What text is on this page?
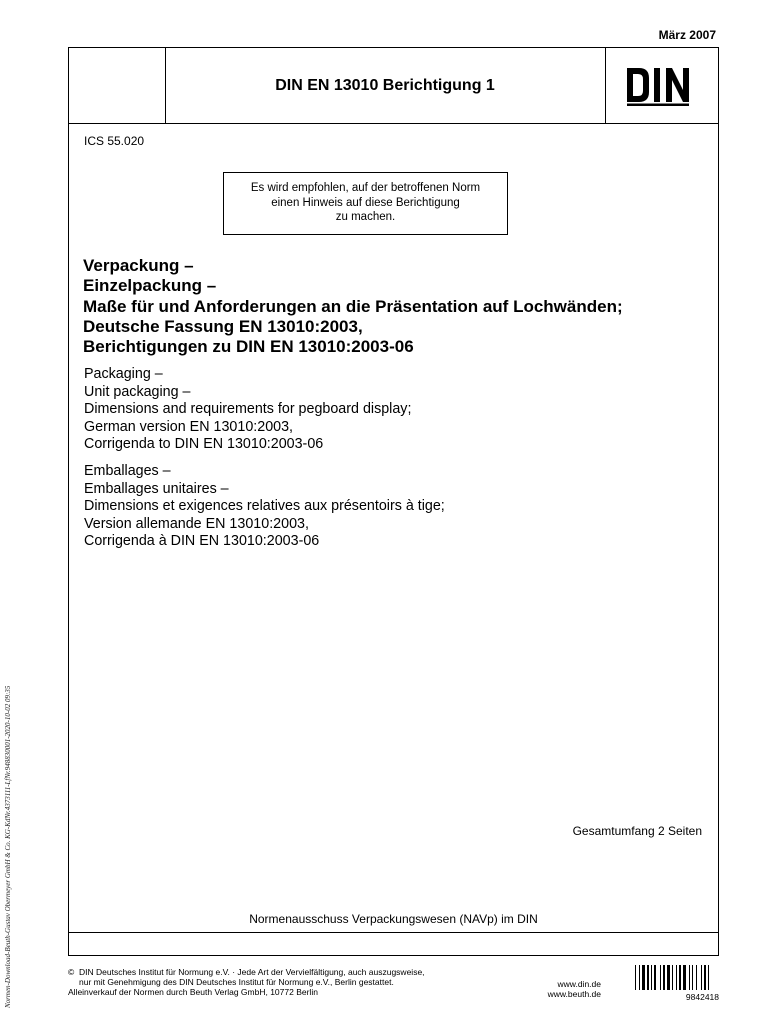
März 2007
DIN EN 13010 Berichtigung 1
ICS 55.020
Es wird empfohlen, auf der betroffenen Norm
einen Hinweis auf diese Berichtigung
zu machen.
Verpackung –
Einzelpackung –
Maße für und Anforderungen an die Präsentation auf Lochwänden;
Deutsche Fassung EN 13010:2003,
Berichtigungen zu DIN EN 13010:2003-06
Packaging –
Unit packaging –
Dimensions and requirements for pegboard display;
German version EN 13010:2003,
Corrigenda to DIN EN 13010:2003-06
Emballages –
Emballages unitaires –
Dimensions et exigences relatives aux présentoirs à tige;
Version allemande EN 13010:2003,
Corrigenda à DIN EN 13010:2003-06
Gesamtumfang 2 Seiten
Normenausschuss Verpackungswesen (NAVp) im DIN
© DIN Deutsches Institut für Normung e.V. · Jede Art der Vervielfältigung, auch auszugsweise,
nur mit Genehmigung des DIN Deutsches Institut für Normung e.V., Berlin gestattet.
Alleinverkauf der Normen durch Beuth Verlag GmbH, 10772 Berlin
www.din.de
www.beuth.de	9842418
Normen-Download-Beuth-Gustav Obermeyer GmbH & Co. KG-KdNr.4373111-LfNr.948830001-2020-10-02 09:35
